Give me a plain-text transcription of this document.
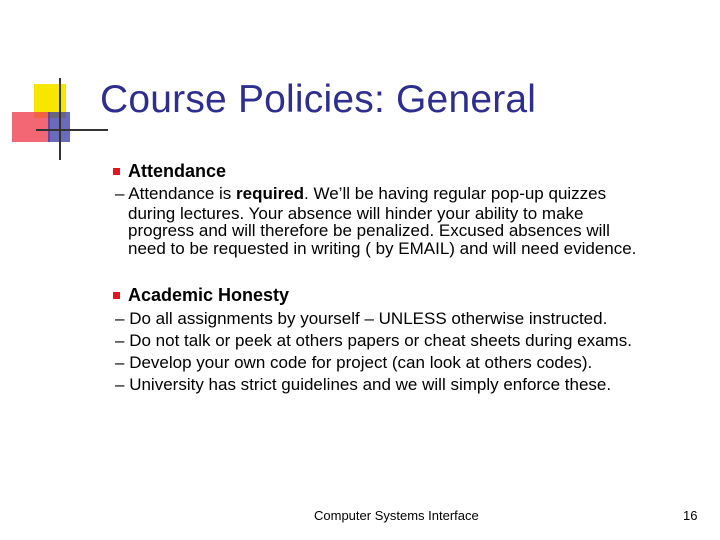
Course Policies: General
Attendance
– Attendance is required. We’ll be having regular pop-up quizzes
during lectures. Your absence will hinder your ability to make
progress and will therefore be penalized. Excused absences will
need to be requested in writing ( by EMAIL) and will need evidence.
Academic Honesty
– Do all assignments by yourself – UNLESS otherwise instructed.
– Do not talk or peek at others papers or cheat sheets during exams.
– Develop your own code for project (can look at others codes).
– University has strict guidelines and we will simply enforce these.
Computer Systems Interface	16
